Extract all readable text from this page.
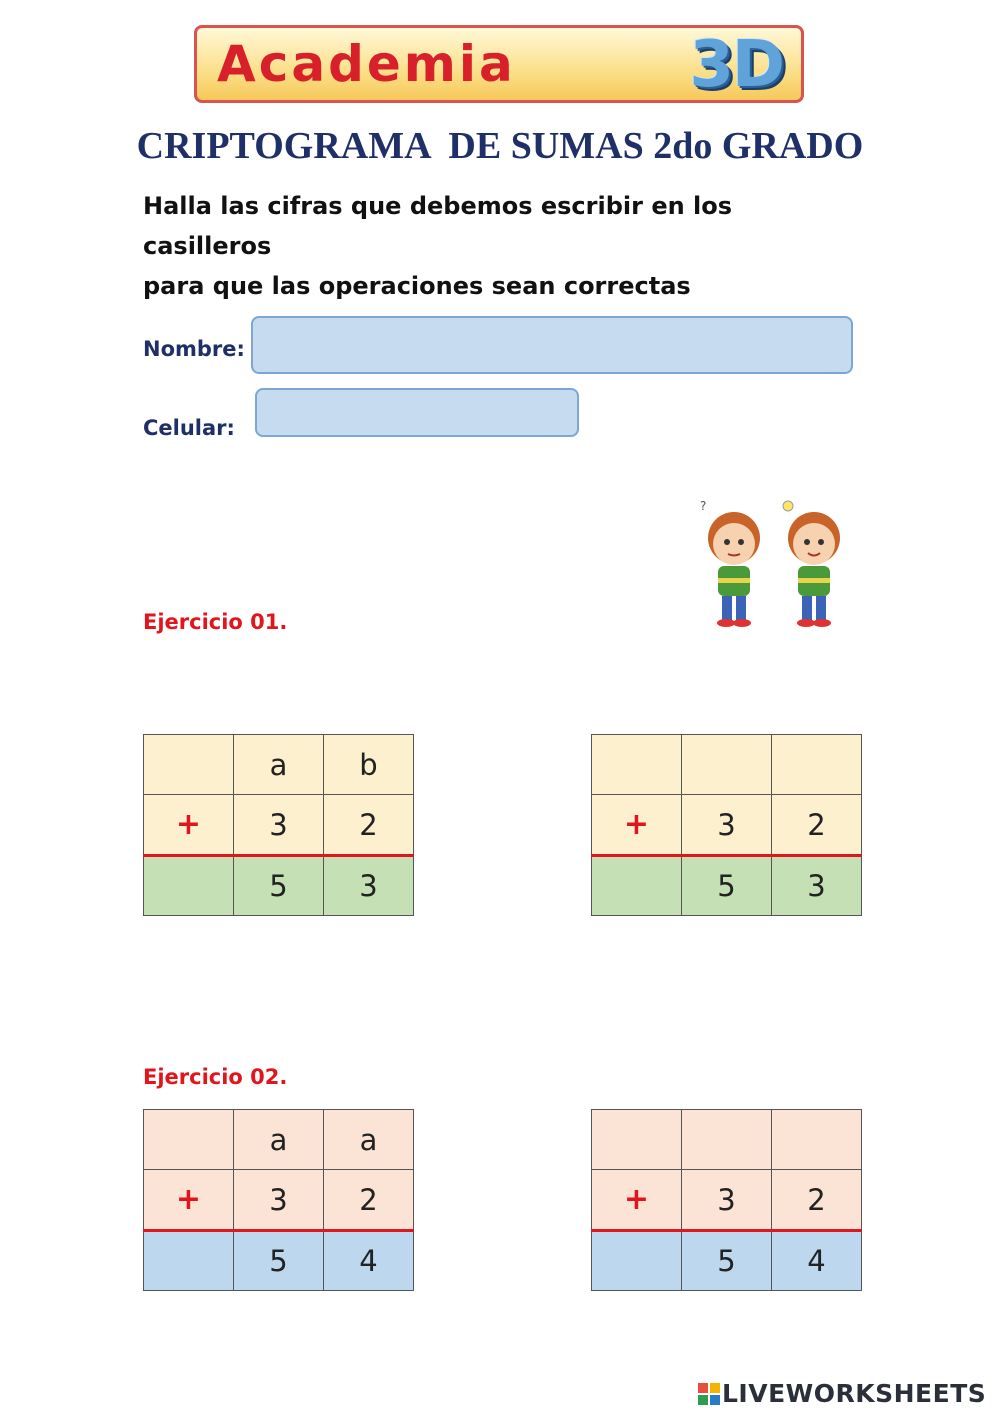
Academia	3D
CRIPTOGRAMA  DE SUMAS 2do GRADO
Halla las cifras que debemos escribir en los casilleros
para que las operaciones sean correctas
Nombre:
Celular:
?
Ejercicio 01.
	a	b
+	3	2
	5	3

+	3	2
	5	3
Ejercicio 02.
	a	a
+	3	2
	5	4

+	3	2
	5	4
LIVEWORKSHEETS
